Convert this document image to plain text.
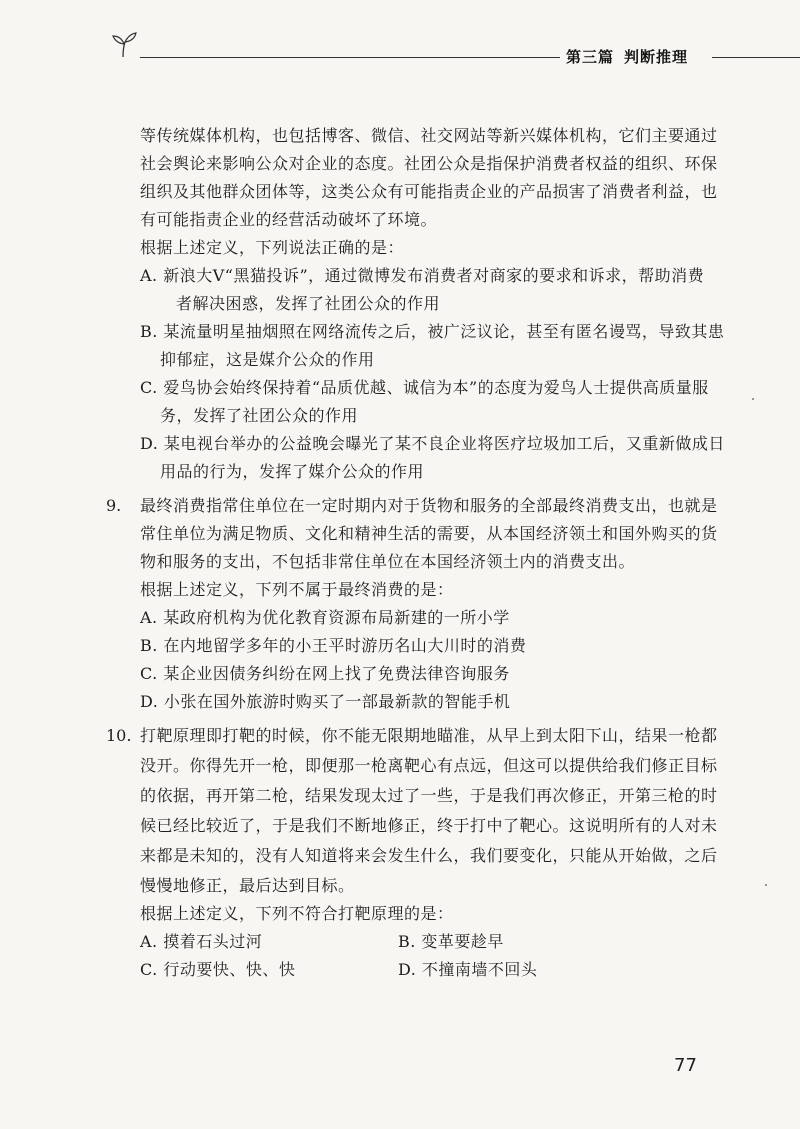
第三篇 判断推理
等传统媒体机构，也包括博客、微信、社交网站等新兴媒体机构，它们主要通过
社会舆论来影响公众对企业的态度。社团公众是指保护消费者权益的组织、环保
组织及其他群众团体等，这类公众有可能指责企业的产品损害了消费者利益，也
有可能指责企业的经营活动破坏了环境。
根据上述定义，下列说法正确的是：
A. 新浪大V“黑猫投诉”，通过微博发布消费者对商家的要求和诉求，帮助消费
者解决困惑，发挥了社团公众的作用
B. 某流量明星抽烟照在网络流传之后，被广泛议论，甚至有匿名谩骂，导致其患
抑郁症，这是媒介公众的作用
C. 爱鸟协会始终保持着“品质优越、诚信为本”的态度为爱鸟人士提供高质量服
务，发挥了社团公众的作用
D. 某电视台举办的公益晚会曝光了某不良企业将医疗垃圾加工后，又重新做成日
用品的行为，发挥了媒介公众的作用
9. 最终消费指常住单位在一定时期内对于货物和服务的全部最终消费支出，也就是
常住单位为满足物质、文化和精神生活的需要，从本国经济领土和国外购买的货
物和服务的支出，不包括非常住单位在本国经济领土内的消费支出。
根据上述定义，下列不属于最终消费的是：
A. 某政府机构为优化教育资源布局新建的一所小学
B. 在内地留学多年的小王平时游历名山大川时的消费
C. 某企业因债务纠纷在网上找了免费法律咨询服务
D. 小张在国外旅游时购买了一部最新款的智能手机
10. 打靶原理即打靶的时候，你不能无限期地瞄准，从早上到太阳下山，结果一枪都
没开。你得先开一枪，即便那一枪离靶心有点远，但这可以提供给我们修正目标
的依据，再开第二枪，结果发现太过了一些，于是我们再次修正，开第三枪的时
候已经比较近了，于是我们不断地修正，终于打中了靶心。这说明所有的人对未
来都是未知的，没有人知道将来会发生什么，我们要变化，只能从开始做，之后
慢慢地修正，最后达到目标。
根据上述定义，下列不符合打靶原理的是：
A. 摸着石头过河	B. 变革要趁早
C. 行动要快、快、快	D. 不撞南墙不回头
77
